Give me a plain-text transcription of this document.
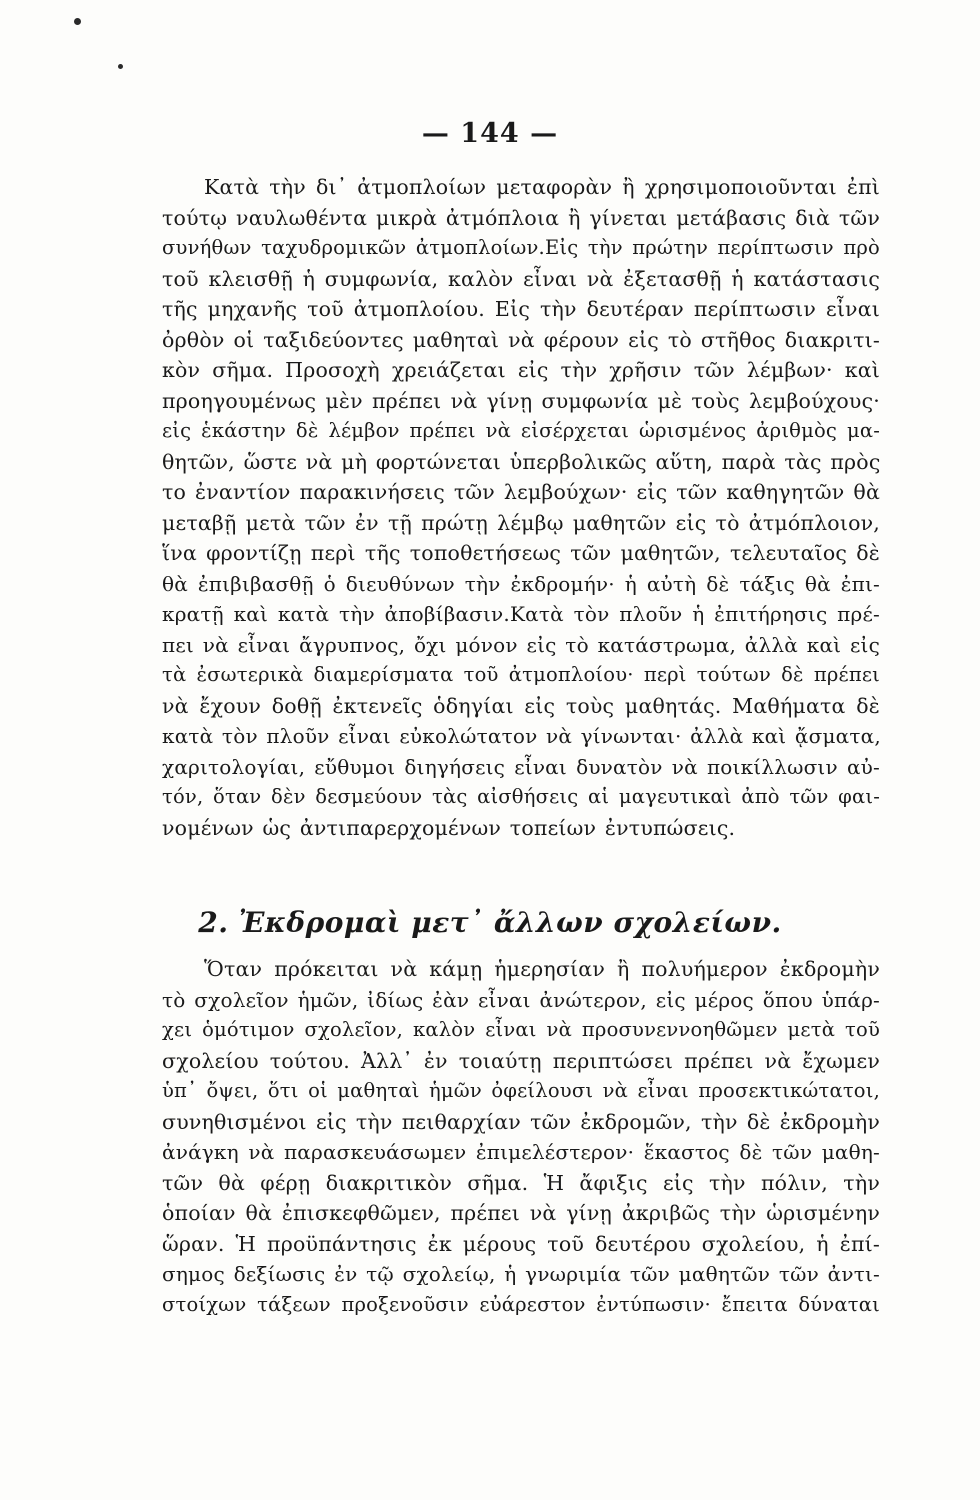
— 144 —
Κατὰ τὴν δι᾽ ἀτμοπλοίων μεταφορὰν ἢ χρησιμοποιοῦνται ἐπὶ
τούτῳ ναυλωθέντα μικρὰ ἀτμόπλοια ἢ γίνεται μετάβασις διὰ τῶν
συνήθων ταχυδρομικῶν ἀτμοπλοίων.Εἰς τὴν πρώτην περίπτωσιν πρὸ
τοῦ κλεισθῇ ἡ συμφωνία, καλὸν εἶναι νὰ ἐξετασθῇ ἡ κατάστασις
τῆς μηχανῆς τοῦ ἀτμοπλοίου. Εἰς τὴν δευτέραν περίπτωσιν εἶναι
ὀρθὸν οἱ ταξιδεύοντες μαθηταὶ νὰ φέρουν εἰς τὸ στῆθος διακριτι-
κὸν σῆμα. Προσοχὴ χρειάζεται εἰς τὴν χρῆσιν τῶν λέμβων· καὶ
προηγουμένως μὲν πρέπει νὰ γίνῃ συμφωνία μὲ τοὺς λεμβούχους·
εἰς ἑκάστην δὲ λέμβον πρέπει νὰ εἰσέρχεται ὡρισμένος ἀριθμὸς μα-
θητῶν, ὥστε νὰ μὴ φορτώνεται ὑπερβολικῶς αὕτη, παρὰ τὰς πρὸς
το ἐναντίον παρακινήσεις τῶν λεμβούχων· εἰς τῶν καθηγητῶν θὰ
μεταβῇ μετὰ τῶν ἐν τῇ πρώτῃ λέμβῳ μαθητῶν εἰς τὸ ἀτμόπλοιον,
ἵνα φροντίζῃ περὶ τῆς τοποθετήσεως τῶν μαθητῶν, τελευταῖος δὲ
θὰ ἐπιβιβασθῇ ὁ διευθύνων τὴν ἐκδρομήν· ἡ αὐτὴ δὲ τάξις θὰ ἐπι-
κρατῇ καὶ κατὰ τὴν ἀποβίβασιν.Κατὰ τὸν πλοῦν ἡ ἐπιτήρησις πρέ-
πει νὰ εἶναι ἄγρυπνος, ὄχι μόνον εἰς τὸ κατάστρωμα, ἀλλὰ καὶ εἰς
τὰ ἐσωτερικὰ διαμερίσματα τοῦ ἀτμοπλοίου· περὶ τούτων δὲ πρέπει
νὰ ἔχουν δοθῇ ἐκτενεῖς ὁδηγίαι εἰς τοὺς μαθητάς. Μαθήματα δὲ
κατὰ τὸν πλοῦν εἶναι εὐκολώτατον νὰ γίνωνται· ἀλλὰ καὶ ᾄσματα,
χαριτολογίαι, εὔθυμοι διηγήσεις εἶναι δυνατὸν νὰ ποικίλλωσιν αὐ-
τόν, ὅταν δὲν δεσμεύουν τὰς αἰσθήσεις αἱ μαγευτικαὶ ἀπὸ τῶν φαι-
νομένων ὡς ἀντιπαρερχομένων τοπείων ἐντυπώσεις.
2. Ἐκδρομαὶ μετ᾽ ἄλλων σχολείων.
Ὅταν πρόκειται νὰ κάμῃ ἡμερησίαν ἢ πολυήμερον ἐκδρομὴν
τὸ σχολεῖον ἡμῶν, ἰδίως ἐὰν εἶναι ἀνώτερον, εἰς μέρος ὅπου ὑπάρ-
χει ὁμότιμον σχολεῖον, καλὸν εἶναι νὰ προσυνεννοηθῶμεν μετὰ τοῦ
σχολείου τούτου. Ἀλλ᾽ ἐν τοιαύτῃ περιπτώσει πρέπει νὰ ἔχωμεν
ὑπ᾽ ὄψει, ὅτι οἱ μαθηταὶ ἡμῶν ὀφείλουσι νὰ εἶναι προσεκτικώτατοι,
συνηθισμένοι εἰς τὴν πειθαρχίαν τῶν ἐκδρομῶν, τὴν δὲ ἐκδρομὴν
ἀνάγκη νὰ παρασκευάσωμεν ἐπιμελέστερον· ἕκαστος δὲ τῶν μαθη-
τῶν θὰ φέρῃ διακριτικὸν σῆμα. Ἡ ἄφιξις εἰς τὴν πόλιν, τὴν
ὁποίαν θὰ ἐπισκεφθῶμεν, πρέπει νὰ γίνῃ ἀκριβῶς τὴν ὡρισμένην
ὥραν. Ἡ προϋπάντησις ἐκ μέρους τοῦ δευτέρου σχολείου, ἡ ἐπί-
σημος δεξίωσις ἐν τῷ σχολείῳ, ἡ γνωριμία τῶν μαθητῶν τῶν ἀντι-
στοίχων τάξεων προξενοῦσιν εὐάρεστον ἐντύπωσιν· ἔπειτα δύναται
